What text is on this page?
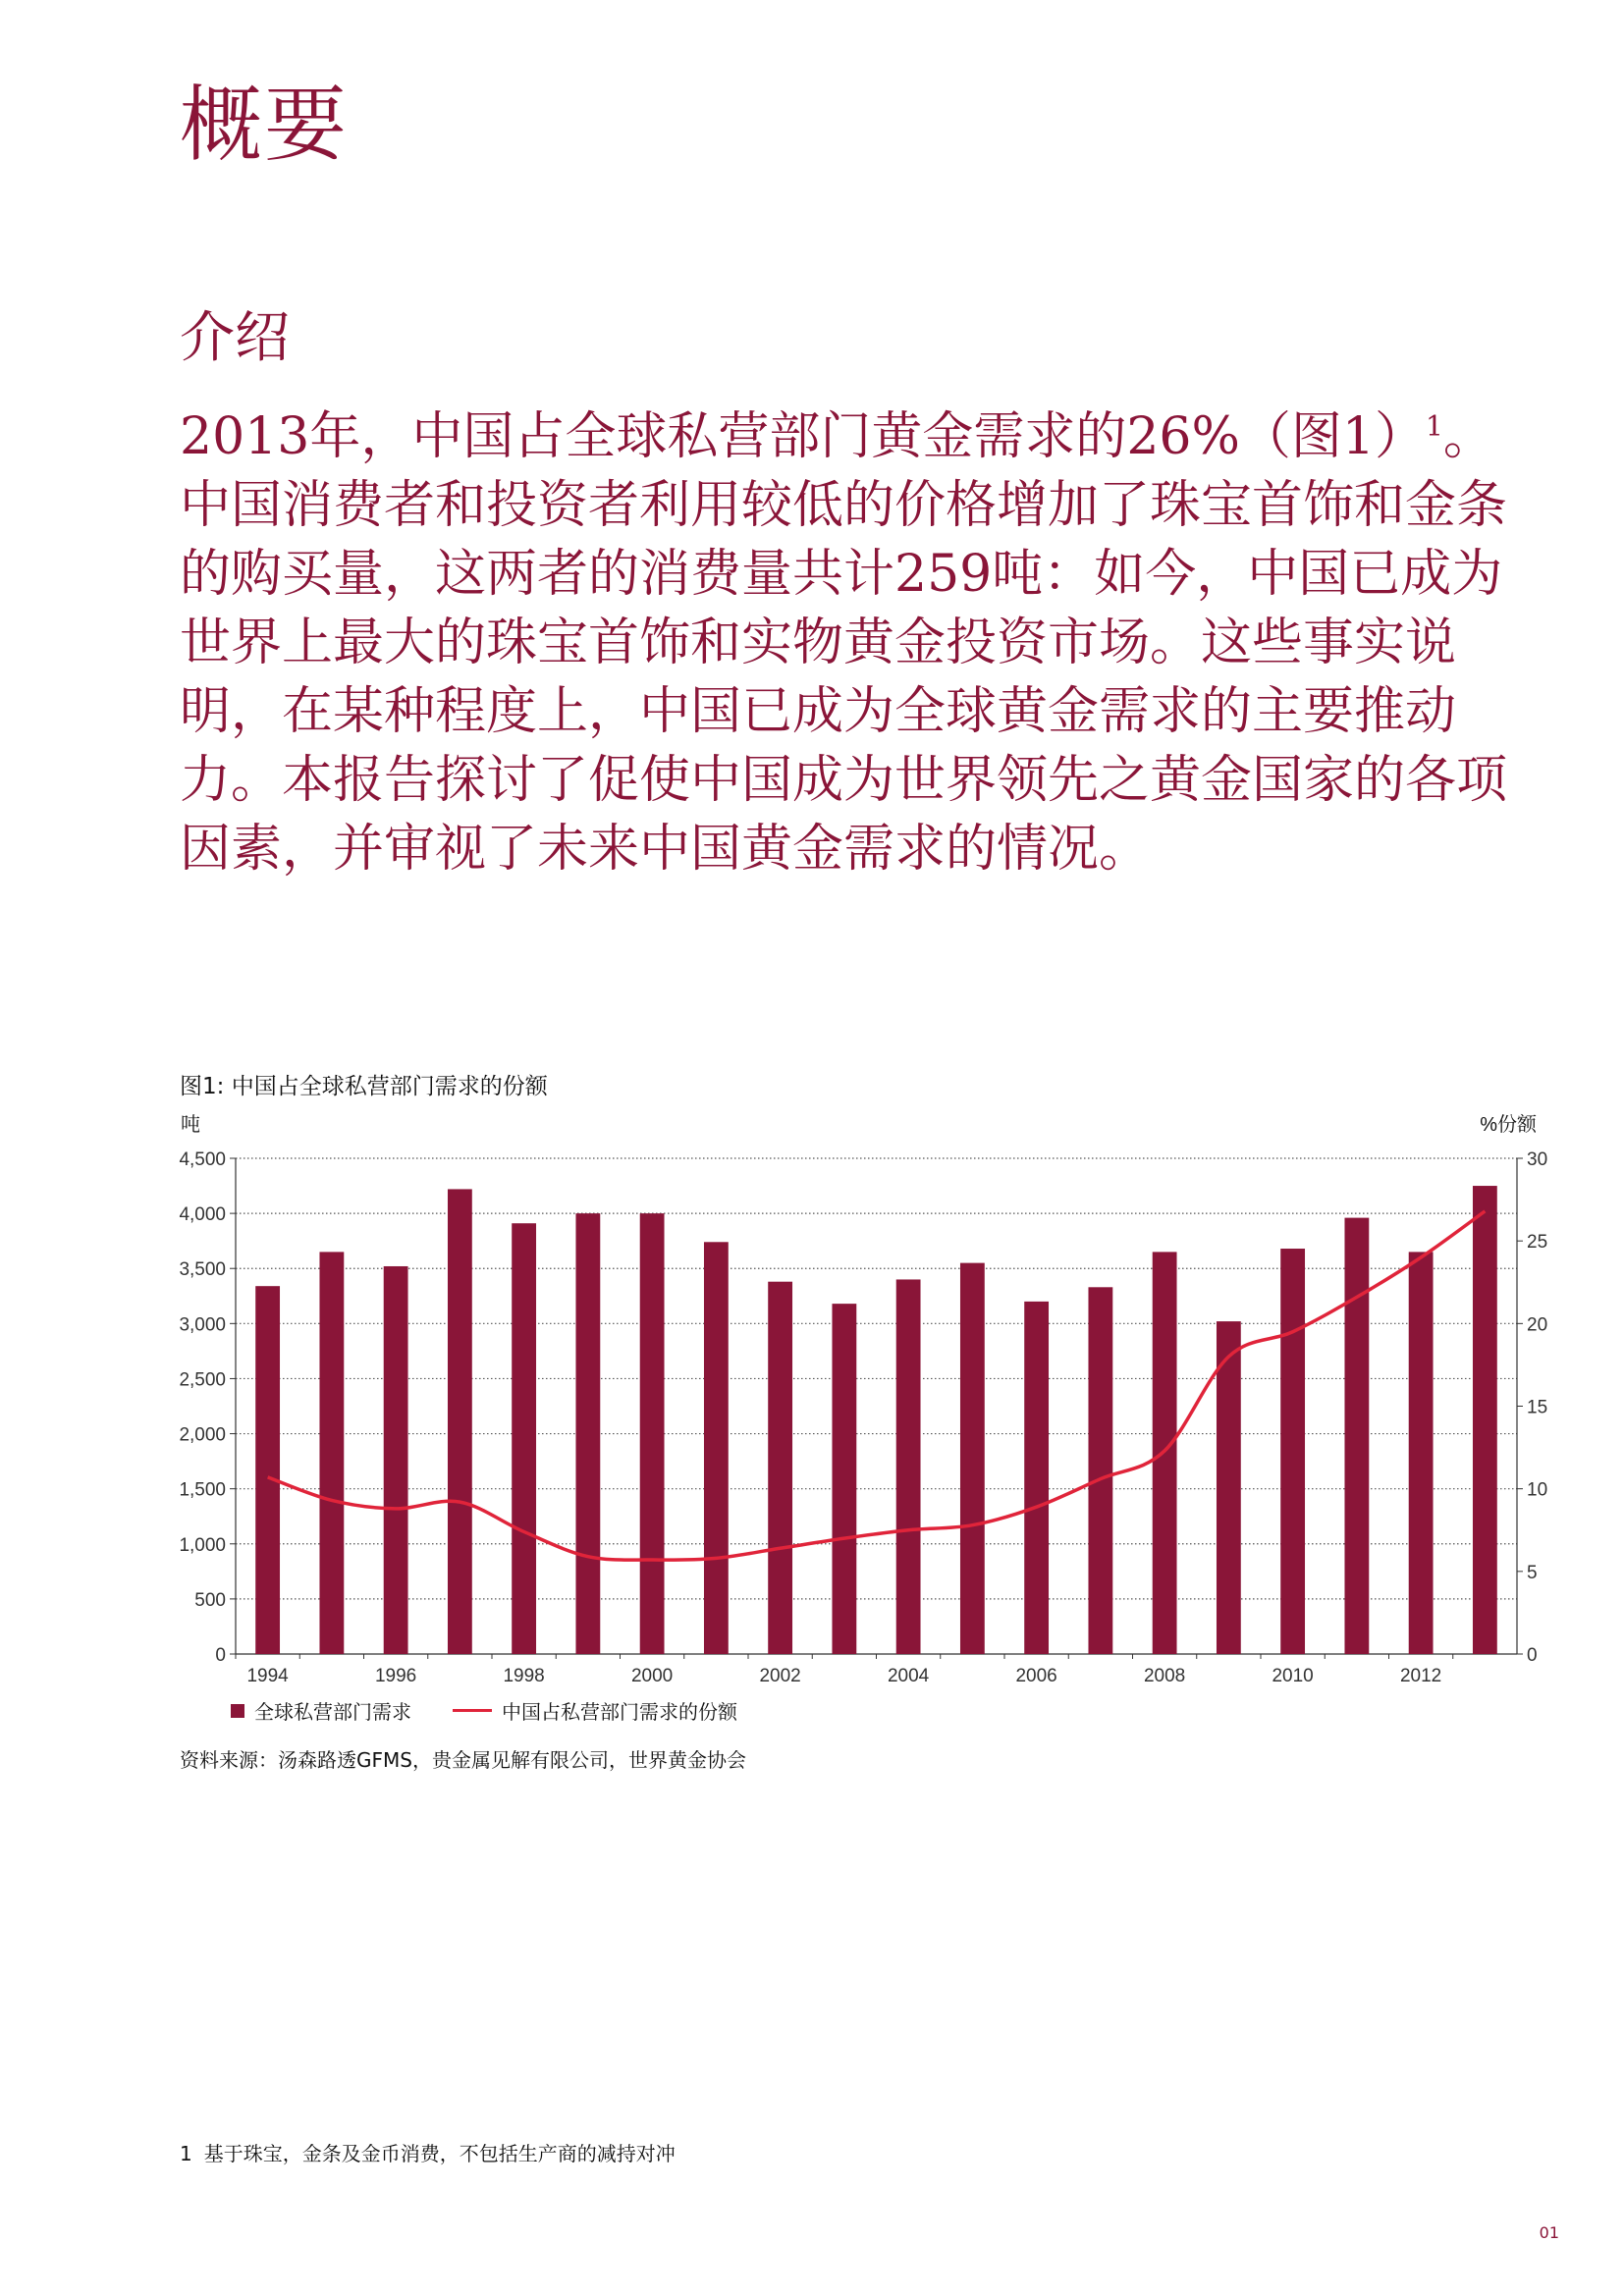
概要
介绍

2013年，中国占全球私营部门黄金需求的26%（图1）$^1$。中国消费者和投资者利用较低的价格增加了珠宝首饰和金条的购买量，这两者的消费量共计259吨：如今，中国已成为世界上最大的珠宝首饰和实物黄金投资市场。这些事实说明，在某种程度上，中国已成为全球黄金需求的主要推动力。本报告探讨了促使中国成为世界领先之黄金国家的各项因素，并审视了未来中国黄金需求的情况。

图1: 中国占全球私营部门需求的份额
吨	%份额
0
500
1,000
1,500
2,000
2,500
3,000
3,500
4,000
4,500
0
5
10
15
20
25
30
1994	1996	1998	2000	2002	2004	2006	2008	2010	2012
全球私营部门需求	中国占私营部门需求的份额
资料来源：汤森路透GFMS，贵金属见解有限公司，世界黄金协会
1 基于珠宝，金条及金币消费，不包括生产商的减持对冲
01
